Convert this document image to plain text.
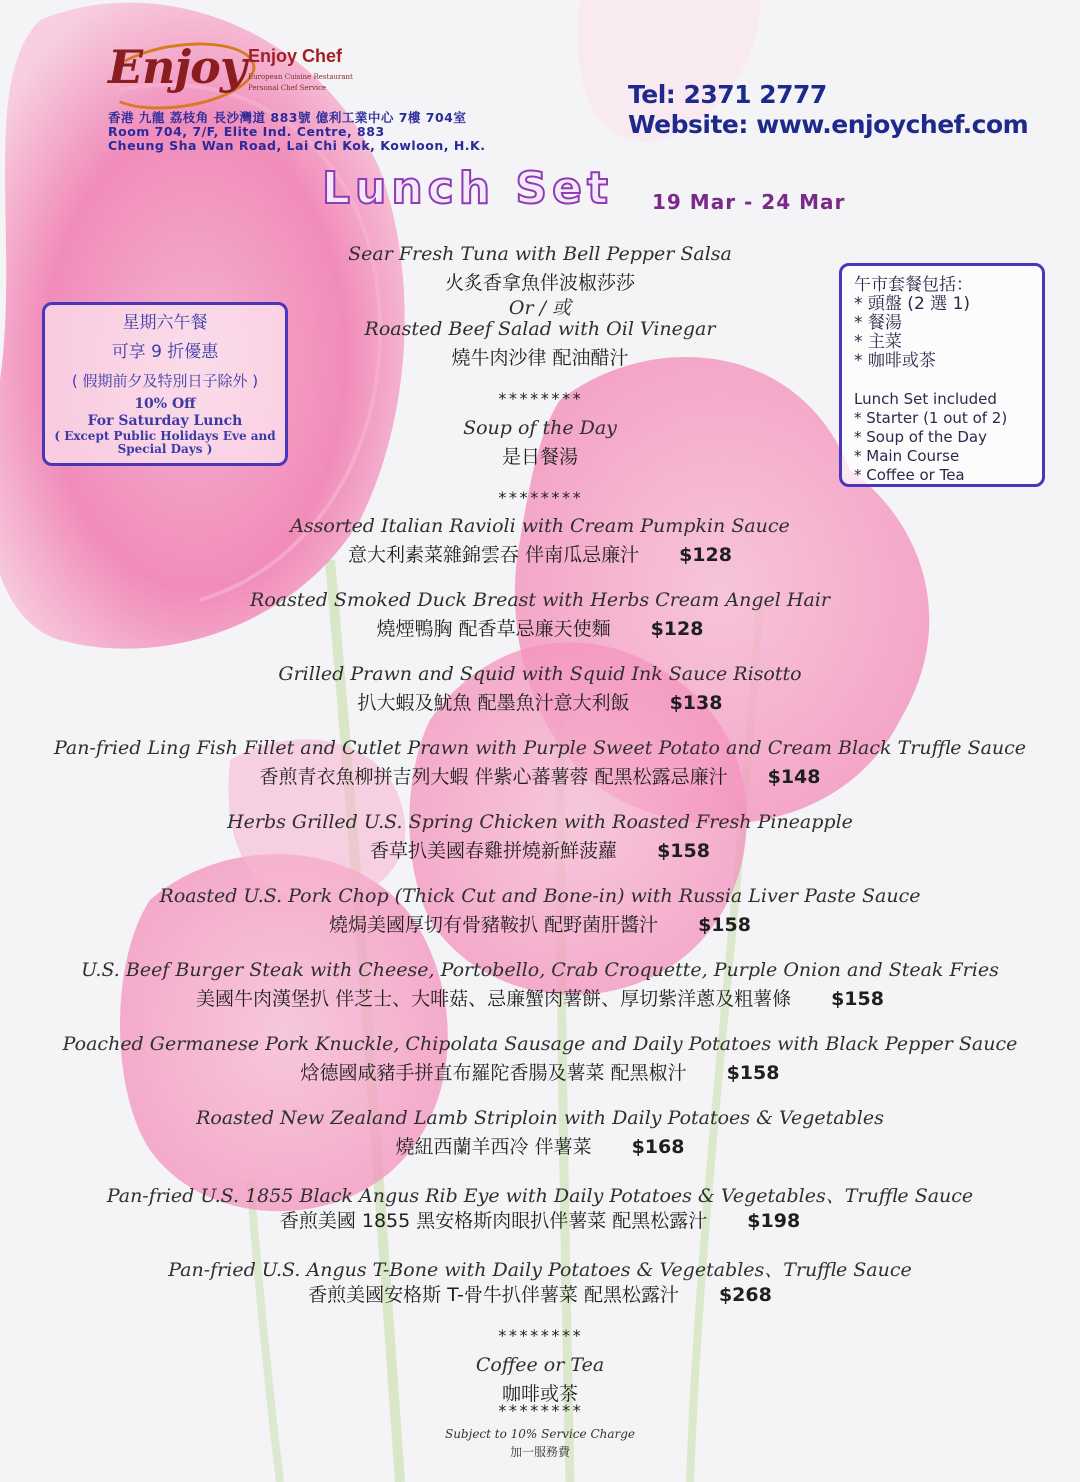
Enjoy Enjoy Chef
European Cuisine Restaurant
Personal Chef Service
香港 九龍 荔枝角 長沙灣道 883號 億利工業中心 7樓 704室
Room 704, 7/F, Elite Ind. Centre, 883
Cheung Sha Wan Road, Lai Chi Kok, Kowloon, H.K.
Tel: 2371 2777
Website: www.enjoychef.com
Lunch Set 19 Mar - 24 Mar
星期六午餐
可享 9 折優惠
( 假期前夕及特別日子除外 )
10% Off
For Saturday Lunch
( Except Public Holidays Eve and
Special Days )
午市套餐包括：
* 頭盤 (2 選 1)
* 餐湯
* 主菜
* 咖啡或茶
Lunch Set included
* Starter (1 out of 2)
* Soup of the Day
* Main Course
* Coffee or Tea
Sear Fresh Tuna with Bell Pepper Salsa
火炙香拿魚伴波椒莎莎
Or / 或
Roasted Beef Salad with Oil Vinegar
燒牛肉沙律 配油醋汁
********
Soup of the Day
是日餐湯
********
Assorted Italian Ravioli with Cream Pumpkin Sauce
意大利素菜雜錦雲吞 伴南瓜忌廉汁 $128
Roasted Smoked Duck Breast with Herbs Cream Angel Hair
燒煙鴨胸 配香草忌廉天使麵 $128
Grilled Prawn and Squid with Squid Ink Sauce Risotto
扒大蝦及魷魚 配墨魚汁意大利飯 $138
Pan-fried Ling Fish Fillet and Cutlet Prawn with Purple Sweet Potato and Cream Black Truffle Sauce
香煎青衣魚柳拼吉列大蝦 伴紫心蕃薯蓉 配黑松露忌廉汁 $148
Herbs Grilled U.S. Spring Chicken with Roasted Fresh Pineapple
香草扒美國春雞拼燒新鮮菠蘿 $158
Roasted U.S. Pork Chop (Thick Cut and Bone-in) with Russia Liver Paste Sauce
燒焗美國厚切有骨豬鞍扒 配野菌肝醬汁 $158
U.S. Beef Burger Steak with Cheese, Portobello, Crab Croquette, Purple Onion and Steak Fries
美國牛肉漢堡扒 伴芝士、大啡菇、忌廉蟹肉薯餅、厚切紫洋蔥及粗薯條 $158
Poached Germanese Pork Knuckle, Chipolata Sausage and Daily Potatoes with Black Pepper Sauce
焓德國咸豬手拼直布羅陀香腸及薯菜 配黑椒汁 $158
Roasted New Zealand Lamb Striploin with Daily Potatoes & Vegetables
燒紐西蘭羊西冷 伴薯菜 $168
Pan-fried U.S. 1855 Black Angus Rib Eye with Daily Potatoes & Vegetables、Truffle Sauce
香煎美國 1855 黑安格斯肉眼扒伴薯菜 配黑松露汁 $198
Pan-fried U.S. Angus T-Bone with Daily Potatoes & Vegetables、Truffle Sauce
香煎美國安格斯 T-骨牛扒伴薯菜 配黑松露汁 $268
********
Coffee or Tea
咖啡或茶
********
Subject to 10% Service Charge
加一服務費
